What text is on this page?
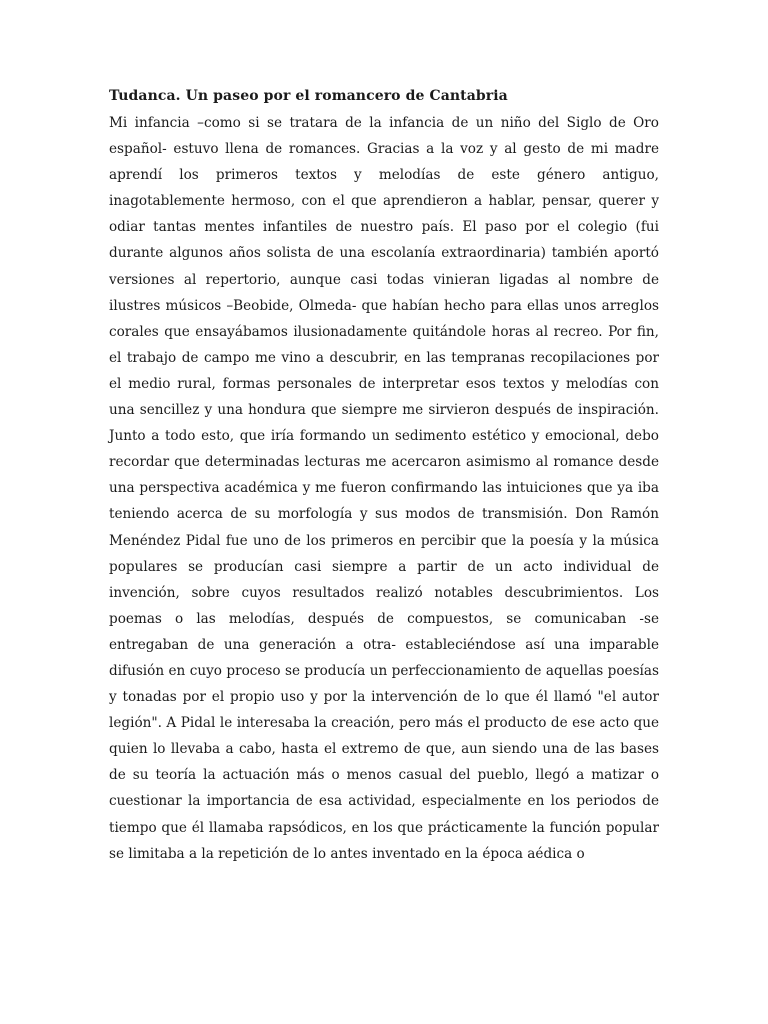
Tudanca. Un paseo por el romancero de Cantabria

Mi infancia –como si se tratara de la infancia de un niño del Siglo de Oro español- estuvo llena de romances. Gracias a la voz y al gesto de mi madre aprendí los primeros textos y melodías de este género antiguo, inagotablemente hermoso, con el que aprendieron a hablar, pensar, querer y odiar tantas mentes infantiles de nuestro país. El paso por el colegio (fui durante algunos años solista de una escolanía extraordinaria) también aportó versiones al repertorio, aunque casi todas vinieran ligadas al nombre de ilustres músicos –Beobide, Olmeda- que habían hecho para ellas unos arreglos corales que ensayábamos ilusionadamente quitándole horas al recreo. Por fin, el trabajo de campo me vino a descubrir, en las tempranas recopilaciones por el medio rural, formas personales de interpretar esos textos y melodías con una sencillez y una hondura que siempre me sirvieron después de inspiración. Junto a todo esto, que iría formando un sedimento estético y emocional, debo recordar que determinadas lecturas me acercaron asimismo al romance desde una perspectiva académica y me fueron confirmando las intuiciones que ya iba teniendo acerca de su morfología y sus modos de transmisión. Don Ramón Menéndez Pidal fue uno de los primeros en percibir que la poesía y la música populares se producían casi siempre a partir de un acto individual de invención, sobre cuyos resultados realizó notables descubrimientos. Los poemas o las melodías, después de compuestos, se comunicaban -se entregaban de una generación a otra- estableciéndose así una imparable difusión en cuyo proceso se producía un perfeccionamiento de aquellas poesías y tonadas por el propio uso y por la intervención de lo que él llamó "el autor legión". A Pidal le interesaba la creación, pero más el producto de ese acto que quien lo llevaba a cabo, hasta el extremo de que, aun siendo una de las bases de su teoría la actuación más o menos casual del pueblo, llegó a matizar o cuestionar la importancia de esa actividad, especialmente en los periodos de tiempo que él llamaba rapsódicos, en los que prácticamente la función popular se limitaba a la repetición de lo antes inventado en la época aédica o
